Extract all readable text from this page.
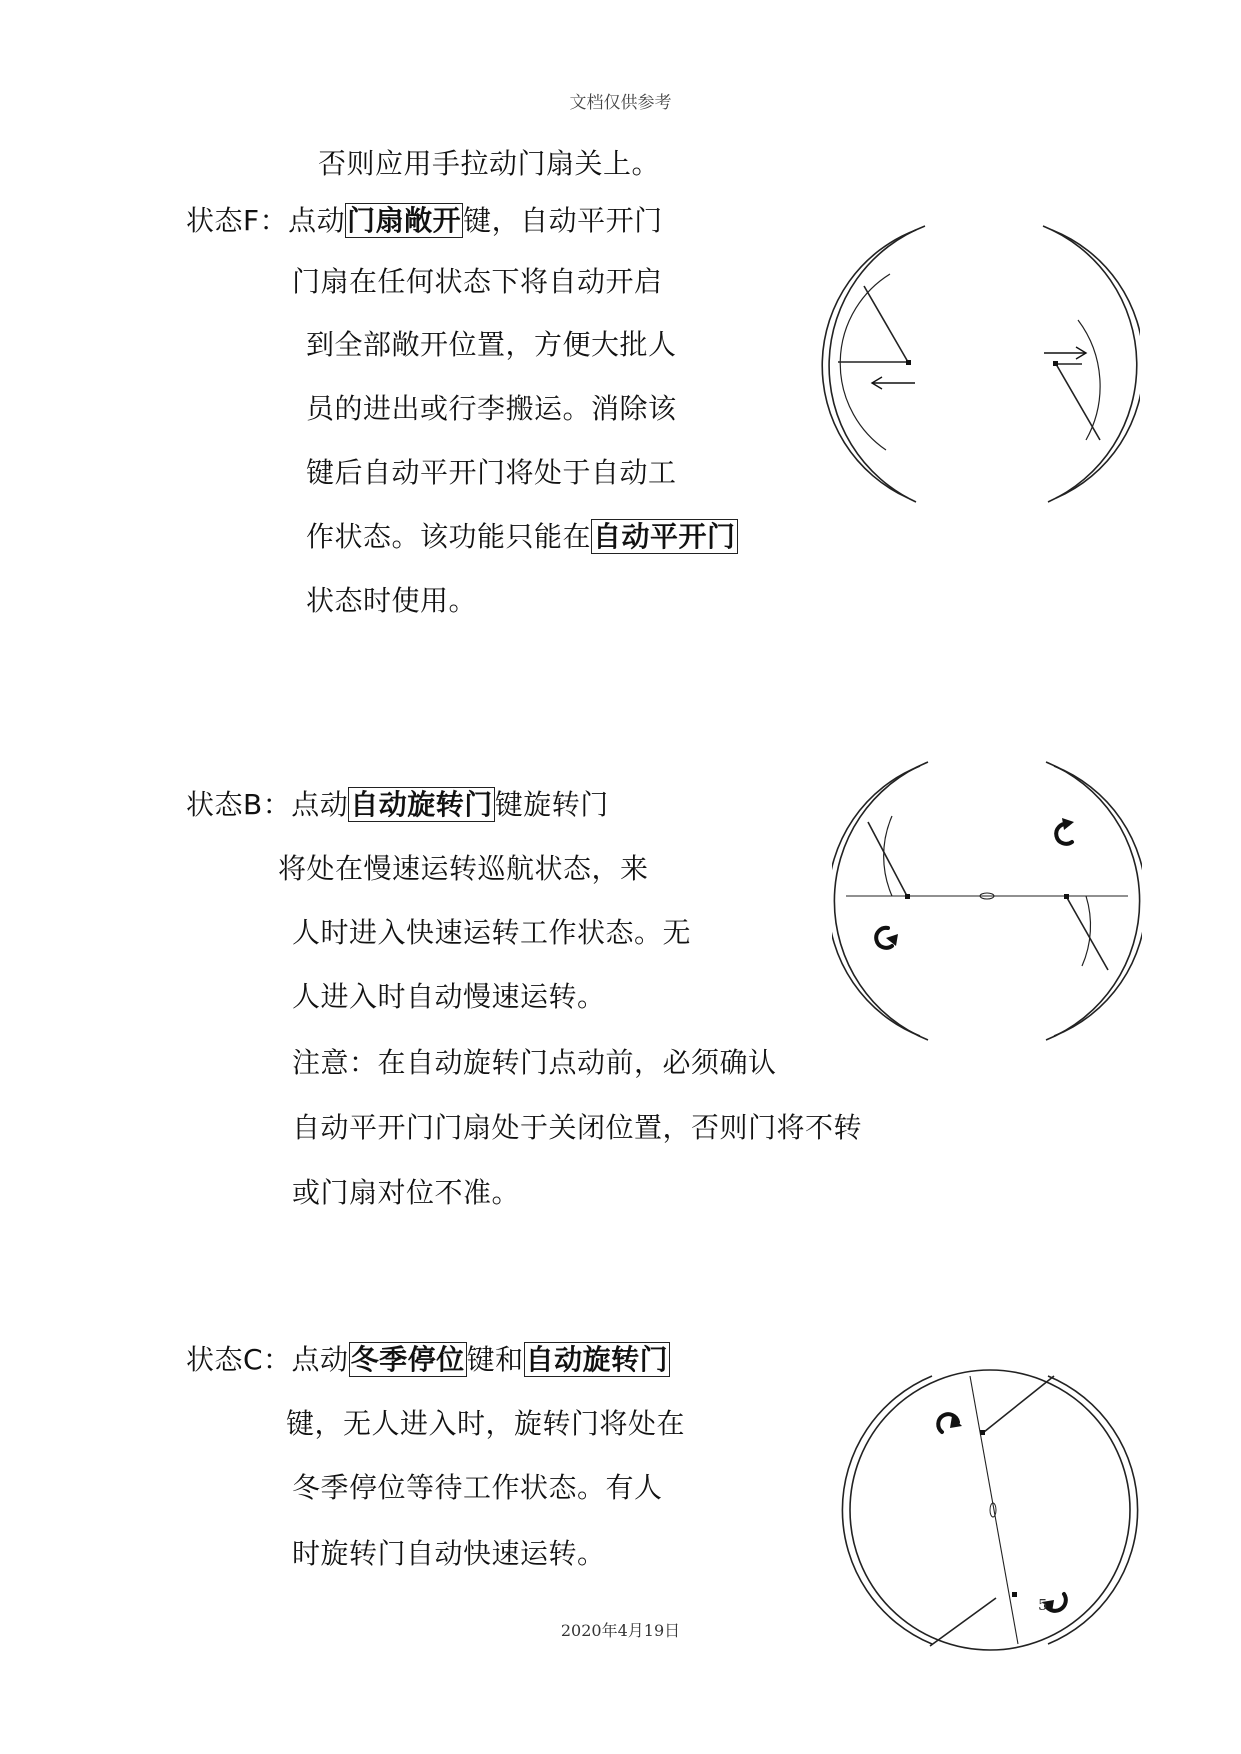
文档仅供参考
否则应用手拉动门扇关上。
状态F：点动门扇敞开键，自动平开门
门扇在任何状态下将自动开启
到全部敞开位置，方便大批人
员的进出或行李搬运。消除该
键后自动平开门将处于自动工
作状态。该功能只能在自动平开门
状态时使用。
状态B：点动自动旋转门键旋转门
将处在慢速运转巡航状态，来
人时进入快速运转工作状态。无
人进入时自动慢速运转。
注意：在自动旋转门点动前，必须确认
自动平开门门扇处于关闭位置，否则门将不转
或门扇对位不准。
状态C：点动冬季停位键和自动旋转门
键，无人进入时，旋转门将处在
冬季停位等待工作状态。有人
时旋转门自动快速运转。
5
2020年4月19日
